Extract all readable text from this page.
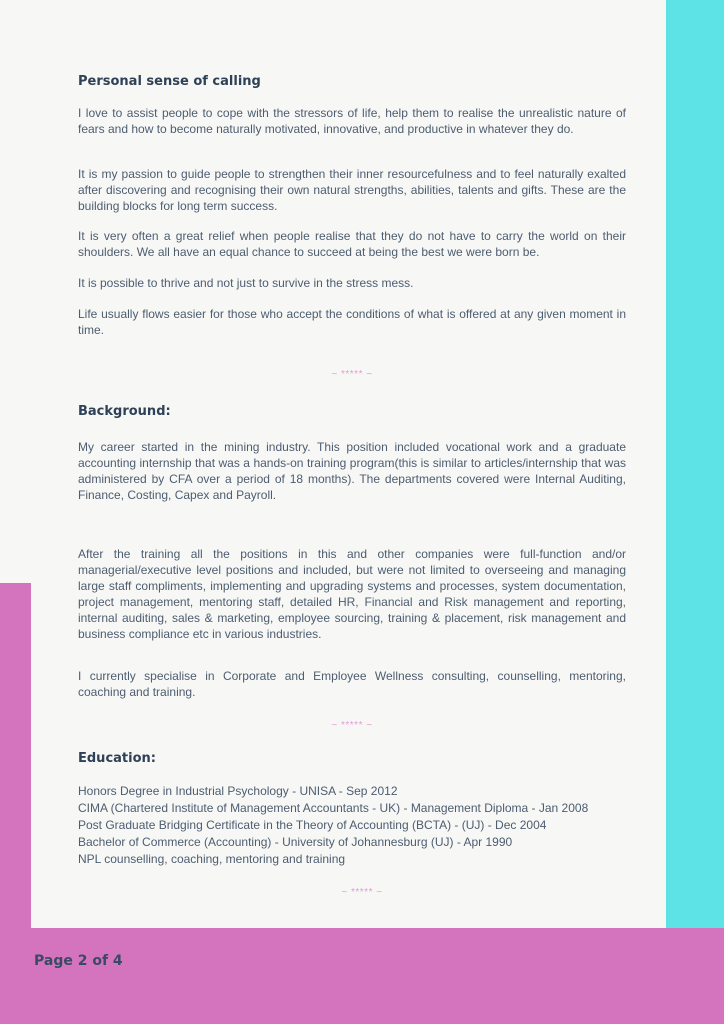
Page 2 of 4
Personal sense of calling

I love to assist people to cope with the stressors of life, help them to realise the unrealistic nature of fears and how to become naturally motivated, innovative, and productive in whatever they do.

It is my passion to guide people to strengthen their inner resourcefulness and to feel naturally exalted after discovering and recognising their own natural strengths, abilities, talents and gifts. These are the building blocks for long term success.

It is very often a great relief when people realise that they do not have to carry the world on their shoulders. We all have an equal chance to succeed at being the best we were born be.

It is possible to thrive and not just to survive in the stress mess.

Life usually flows easier for those who accept the conditions of what is offered at any given moment in time.

~ ***** ~
Background:

My career started in the mining industry. This position included vocational work and a graduate accounting internship that was a hands-on training program(this is similar to articles/internship that was administered by CFA over a period of 18 months). The departments covered were Internal Auditing, Finance, Costing, Capex and Payroll.

After the training all the positions in this and other companies were full-function and/or managerial/executive level positions and included, but were not limited to overseeing and managing large staff compliments, implementing and upgrading systems and processes, system documentation, project management, mentoring staff, detailed HR, Financial and Risk management and reporting, internal auditing, sales & marketing, employee sourcing, training & placement, risk management and business compliance etc in various industries.

I currently specialise in Corporate and Employee Wellness consulting, counselling, mentoring, coaching and training.

~ ***** ~
Education:
Honors Degree in Industrial Psychology - UNISA - Sep 2012
CIMA (Chartered Institute of Management Accountants - UK) - Management Diploma - Jan 2008
Post Graduate Bridging Certificate in the Theory of Accounting (BCTA) - (UJ) - Dec 2004
Bachelor of Commerce (Accounting) - University of Johannesburg (UJ) - Apr 1990
NPL counselling, coaching, mentoring and training
~ ***** ~
